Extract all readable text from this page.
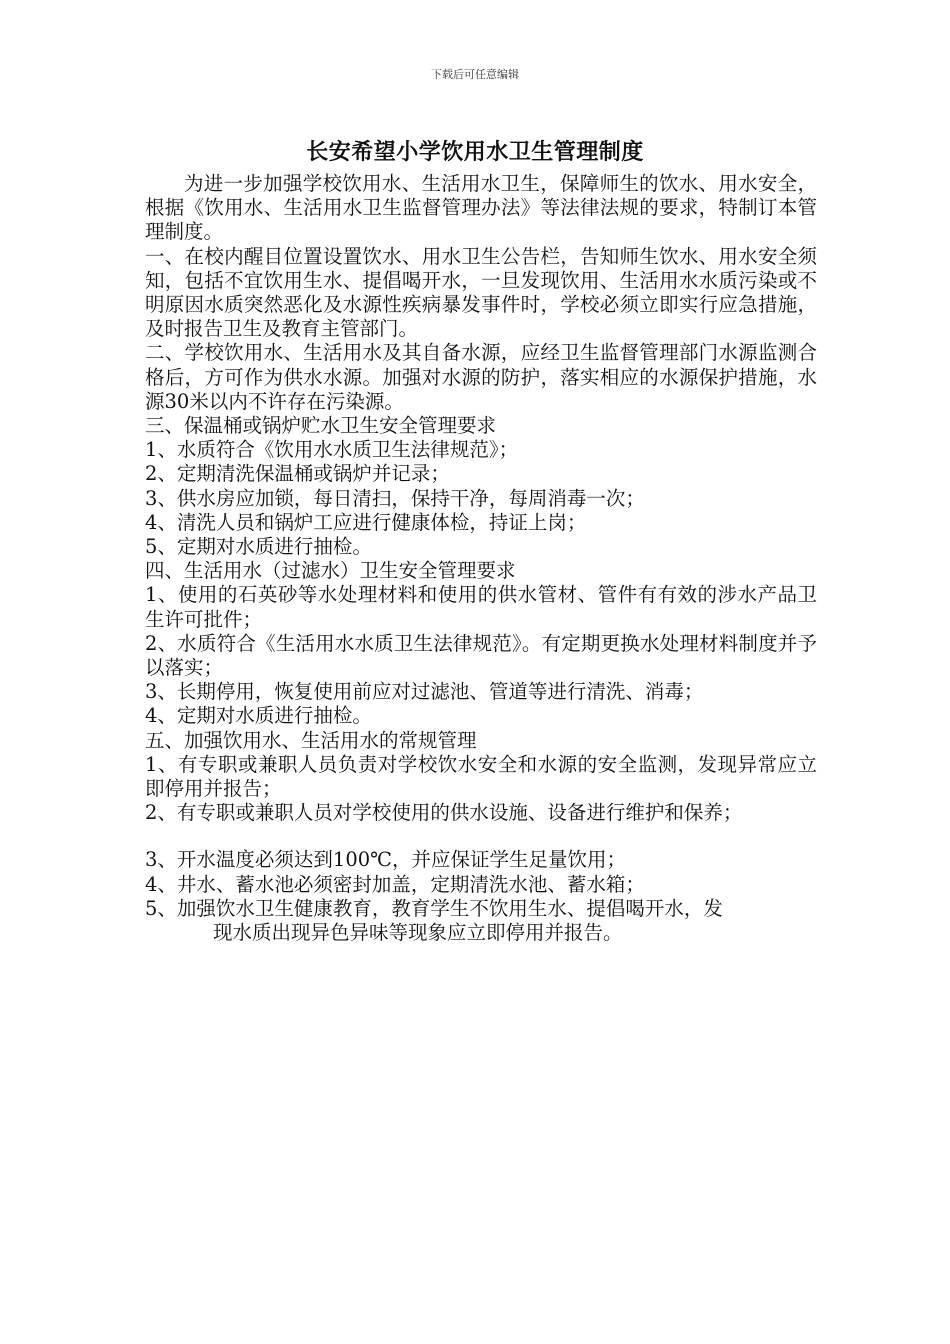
下载后可任意编辑
长安希望小学饮用水卫生管理制度

为进一步加强学校饮用水、生活用水卫生，保障师生的饮水、用水安全，根据《饮用水、生活用水卫生监督管理办法》等法律法规的要求，特制订本管理制度。

一、在校内醒目位置设置饮水、用水卫生公告栏，告知师生饮水、用水安全须知，包括不宜饮用生水、提倡喝开水，一旦发现饮用、生活用水水质污染或不明原因水质突然恶化及水源性疾病暴发事件时，学校必须立即实行应急措施，及时报告卫生及教育主管部门。

二、学校饮用水、生活用水及其自备水源，应经卫生监督管理部门水源监测合格后，方可作为供水水源。加强对水源的防护，落实相应的水源保护措施，水源30米以内不许存在污染源。

三、保温桶或锅炉贮水卫生安全管理要求

1、水质符合《饮用水水质卫生法律规范》；

2、定期清洗保温桶或锅炉并记录；

3、供水房应加锁，每日清扫，保持干净，每周消毒一次；

4、清洗人员和锅炉工应进行健康体检，持证上岗；

5、定期对水质进行抽检。

四、生活用水（过滤水）卫生安全管理要求

1、使用的石英砂等水处理材料和使用的供水管材、管件有有效的涉水产品卫生许可批件；

2、水质符合《生活用水水质卫生法律规范》。有定期更换水处理材料制度并予以落实；

3、长期停用，恢复使用前应对过滤池、管道等进行清洗、消毒；

4、定期对水质进行抽检。

五、加强饮用水、生活用水的常规管理

1、有专职或兼职人员负责对学校饮水安全和水源的安全监测，发现异常应立即停用并报告；

2、有专职或兼职人员对学校使用的供水设施、设备进行维护和保养；

3、开水温度必须达到100℃，并应保证学生足量饮用；

4、井水、蓄水池必须密封加盖，定期清洗水池、蓄水箱；

5、加强饮水卫生健康教育，教育学生不饮用生水、提倡喝开水，发
现水质出现异色异味等现象应立即停用并报告。
